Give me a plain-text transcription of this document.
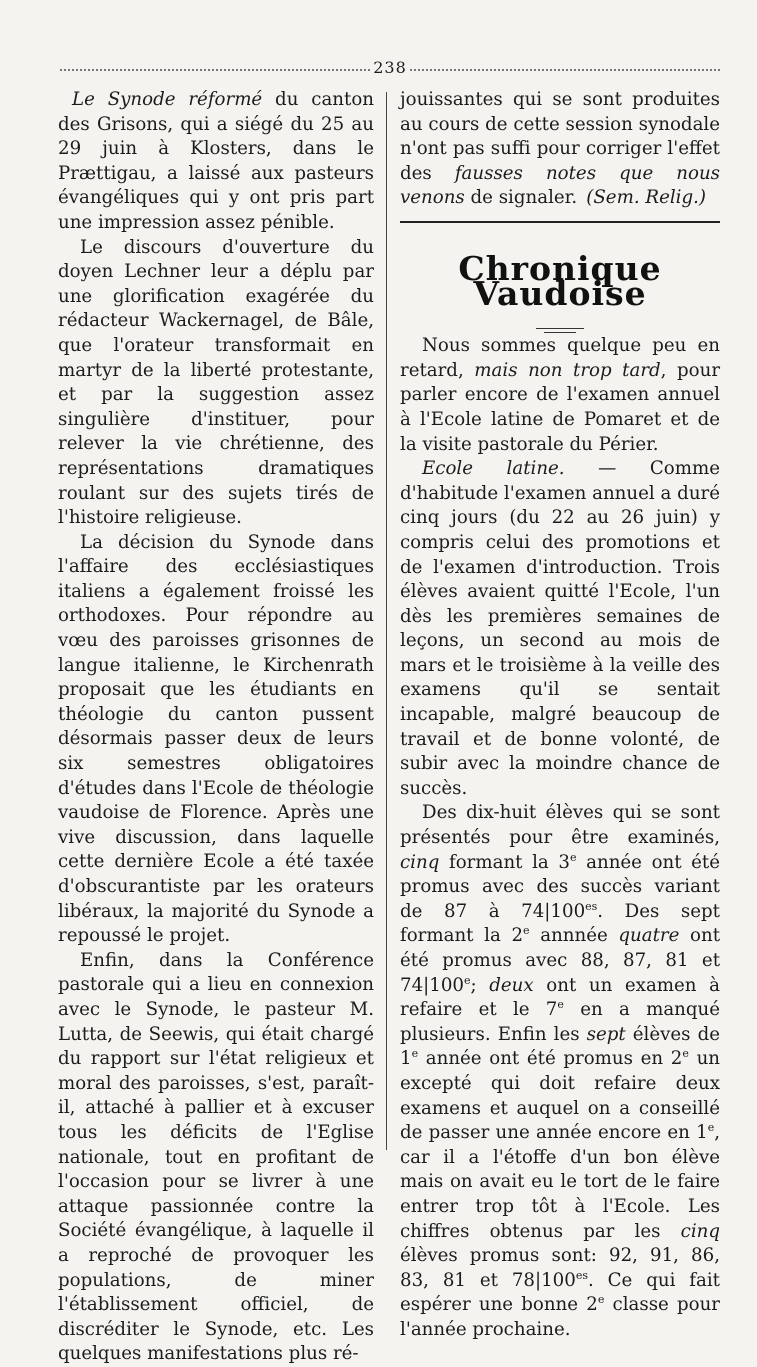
238

Le Synode réformé du canton des Grisons, qui a siégé du 25 au 29 juin à Klosters, dans le Prættigau, a laissé aux pasteurs évangéliques qui y ont pris part une impression assez pénible.

Le discours d'ouverture du doyen Lechner leur a déplu par une glorification exagérée du rédacteur Wackernagel, de Bâle, que l'orateur transformait en martyr de la liberté protestante, et par la suggestion assez singulière d'instituer, pour relever la vie chrétienne, des représentations dramatiques roulant sur des sujets tirés de l'histoire religieuse.

La décision du Synode dans l'affaire des ecclésiastiques italiens a également froissé les orthodoxes. Pour répondre au vœu des paroisses grisonnes de langue italienne, le Kirchenrath proposait que les étudiants en théologie du canton pussent désormais passer deux de leurs six semestres obligatoires d'études dans l'Ecole de théologie vaudoise de Florence. Après une vive discussion, dans laquelle cette dernière Ecole a été taxée d'obscurantiste par les orateurs libéraux, la majorité du Synode a repoussé le projet.

Enfin, dans la Conférence pastorale qui a lieu en connexion avec le Synode, le pasteur M. Lutta, de Seewis, qui était chargé du rapport sur l'état religieux et moral des paroisses, s'est, paraît-il, attaché à pallier et à excuser tous les déficits de l'Eglise nationale, tout en profitant de l'occasion pour se livrer à une attaque passionnée contre la Société évangélique, à laquelle il a reproché de provoquer les populations, de miner l'établissement officiel, de discréditer le Synode, etc. Les quelques manifestations plus ré-

jouissantes qui se sont produites au cours de cette session synodale n'ont pas suffi pour corriger l'effet des fausses notes que nous venons de signaler. (Sem. Relig.)
Chronique Vaudoise

Nous sommes quelque peu en retard, mais non trop tard, pour parler encore de l'examen annuel à l'Ecole latine de Pomaret et de la visite pastorale du Périer.

Ecole latine. — Comme d'habitude l'examen annuel a duré cinq jours (du 22 au 26 juin) y compris celui des promotions et de l'examen d'introduction. Trois élèves avaient quitté l'Ecole, l'un dès les premières semaines de leçons, un second au mois de mars et le troisième à la veille des examens qu'il se sentait incapable, malgré beaucoup de travail et de bonne volonté, de subir avec la moindre chance de succès.

Des dix-huit élèves qui se sont présentés pour être examinés, cinq formant la 3e année ont été promus avec des succès variant de 87 à $74|100^{es}$. Des sept formant la 2e annnée quatre ont été promus avec 88, 87, 81 et 74|100e; deux ont un examen à refaire et le 7e en a manqué plusieurs. Enfin les sept élèves de 1e année ont été promus en 2e un excepté qui doit refaire deux examens et auquel on a conseillé de passer une année encore en 1e, car il a l'étoffe d'un bon élève mais on avait eu le tort de le faire entrer trop tôt à l'Ecole. Les chiffres obtenus par les cinq élèves promus sont: 92, 91, 86, 83, 81 et $78|100^{es}$. Ce qui fait espérer une bonne 2e classe pour l'année prochaine.
